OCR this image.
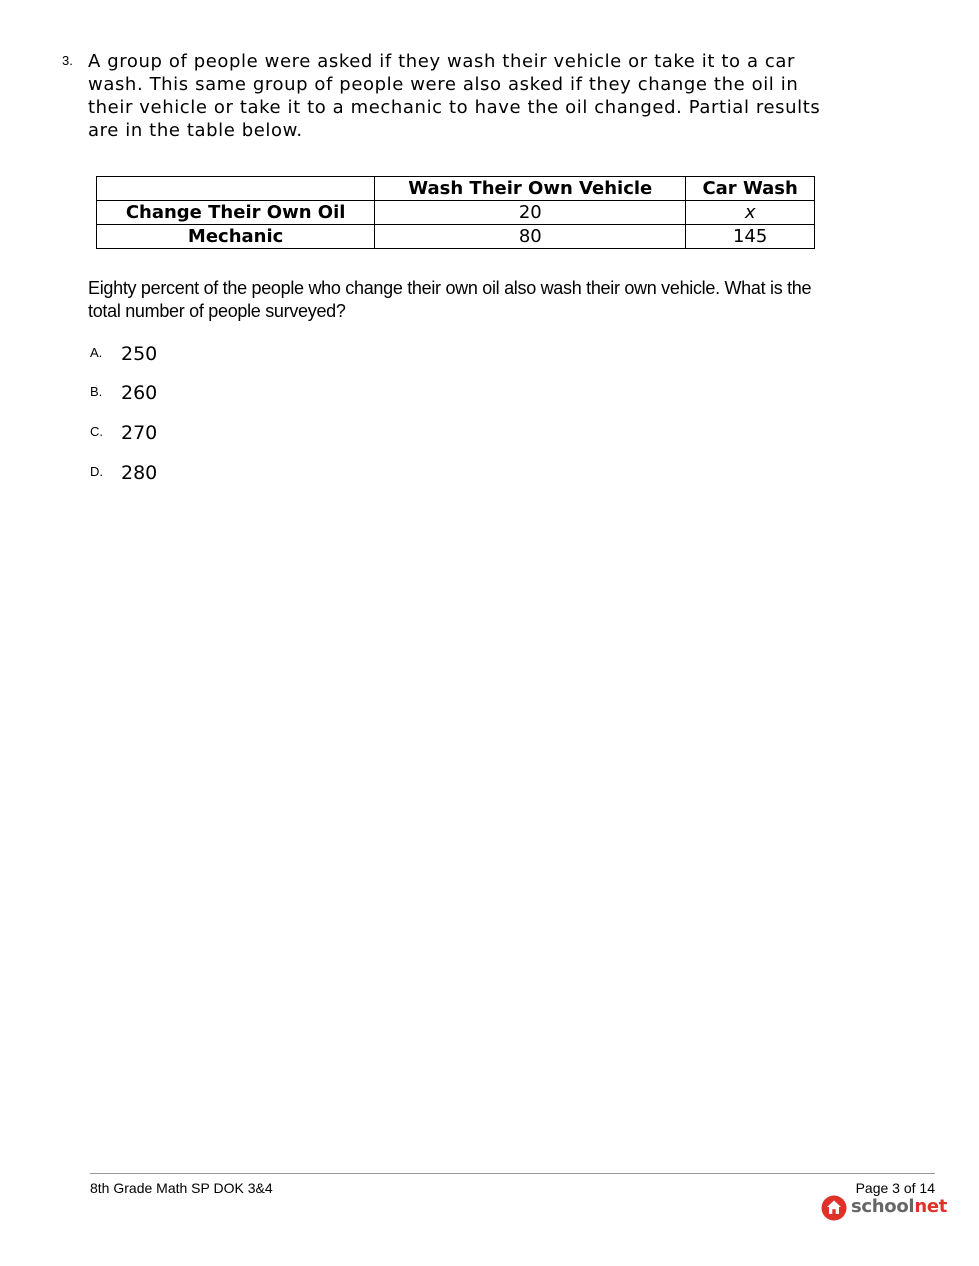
3. A group of people were asked if they wash their vehicle or take it to a car wash. This same group of people were also asked if they change the oil in their vehicle or take it to a mechanic to have the oil changed. Partial results are in the table below.
	Wash Their Own Vehicle	Car Wash
Change Their Own Oil	20	x
Mechanic	80	145
Eighty percent of the people who change their own oil also wash their own vehicle. What is the total number of people surveyed?
A. 250
B. 260
C. 270
D. 280
8th Grade Math SP DOK 3&4	Page 3 of 14
schoolnet
